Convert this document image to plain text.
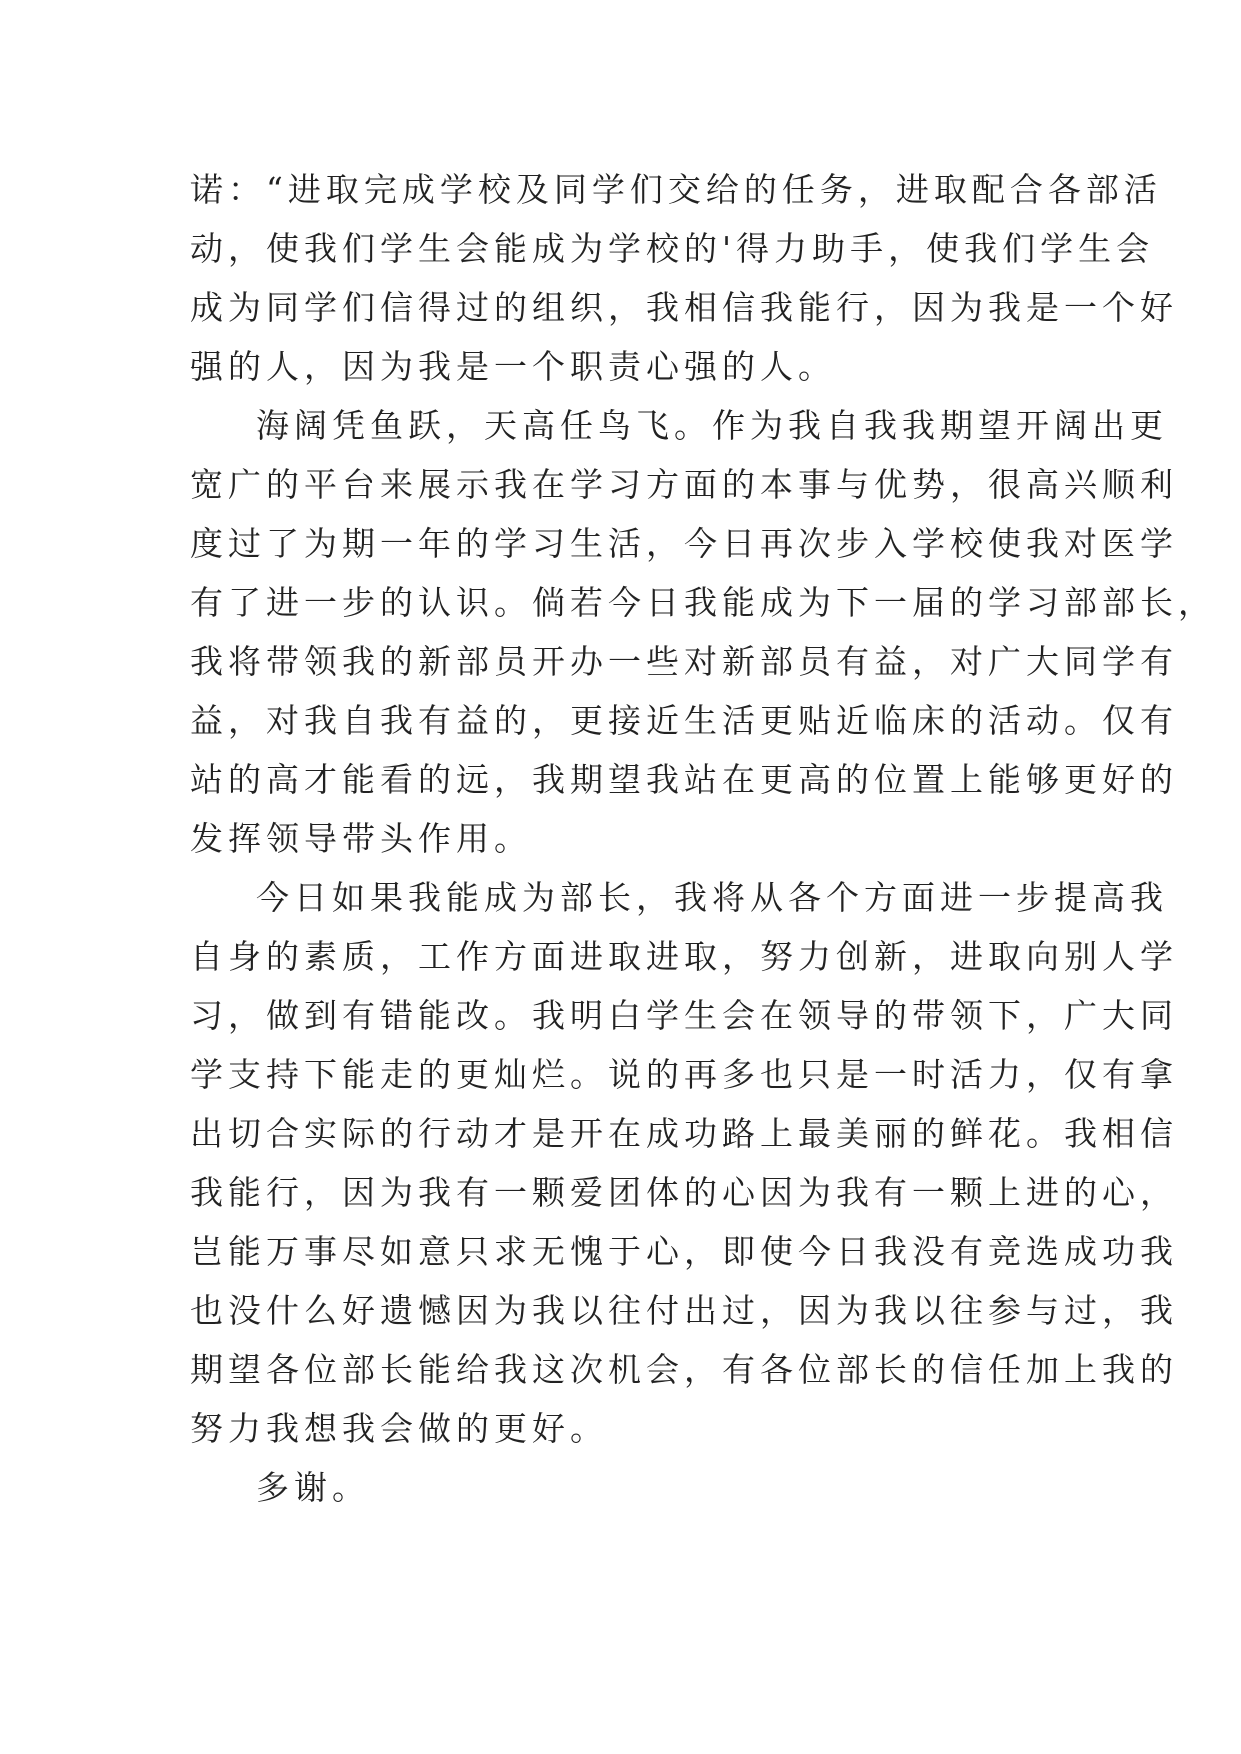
诺：“进取完成学校及同学们交给的任务，进取配合各部活
动，使我们学生会能成为学校的'得力助手，使我们学生会
成为同学们信得过的组织，我相信我能行，因为我是一个好
强的人，因为我是一个职责心强的人。
海阔凭鱼跃，天高任鸟飞。作为我自我我期望开阔出更
宽广的平台来展示我在学习方面的本事与优势，很高兴顺利
度过了为期一年的学习生活，今日再次步入学校使我对医学
有了进一步的认识。倘若今日我能成为下一届的学习部部长，
我将带领我的新部员开办一些对新部员有益，对广大同学有
益，对我自我有益的，更接近生活更贴近临床的活动。仅有
站的高才能看的远，我期望我站在更高的位置上能够更好的
发挥领导带头作用。
今日如果我能成为部长，我将从各个方面进一步提高我
自身的素质，工作方面进取进取，努力创新，进取向别人学
习，做到有错能改。我明白学生会在领导的带领下，广大同
学支持下能走的更灿烂。说的再多也只是一时活力，仅有拿
出切合实际的行动才是开在成功路上最美丽的鲜花。我相信
我能行，因为我有一颗爱团体的心因为我有一颗上进的心，
岂能万事尽如意只求无愧于心，即使今日我没有竞选成功我
也没什么好遗憾因为我以往付出过，因为我以往参与过，我
期望各位部长能给我这次机会，有各位部长的信任加上我的
努力我想我会做的更好。
多谢。
